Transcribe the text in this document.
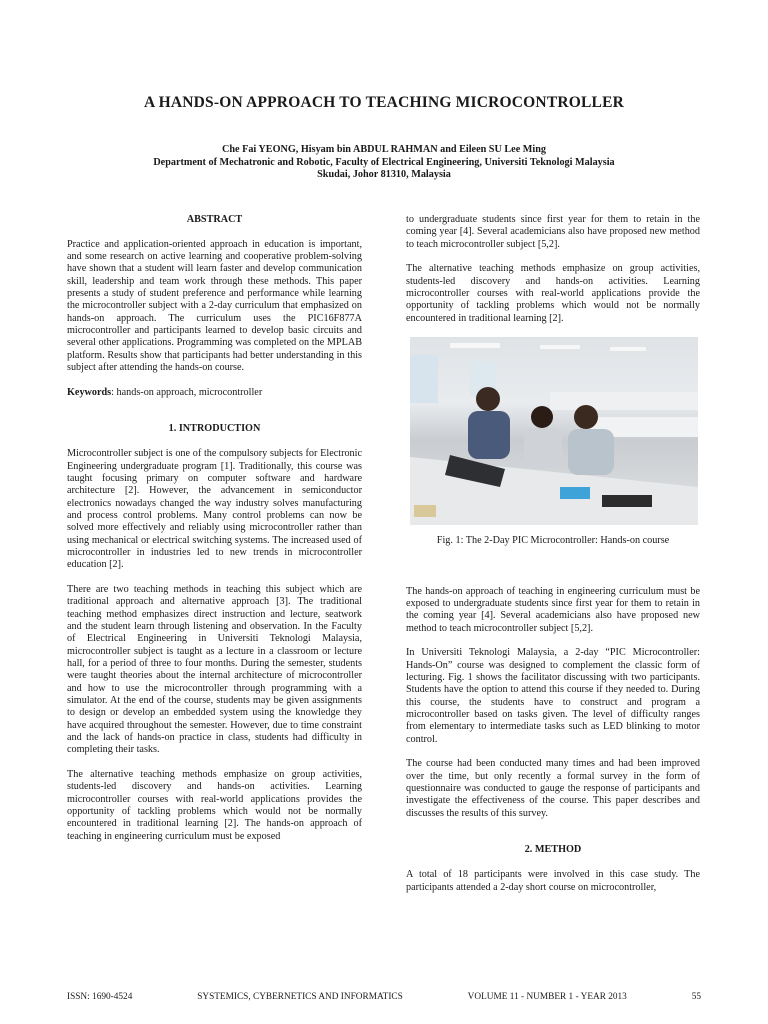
A HANDS-ON APPROACH TO TEACHING MICROCONTROLLER
Che Fai YEONG, Hisyam bin ABDUL RAHMAN and Eileen SU Lee Ming
Department of Mechatronic and Robotic, Faculty of Electrical Engineering, Universiti Teknologi Malaysia
Skudai, Johor 81310, Malaysia
ABSTRACT

Practice and application-oriented approach in education is important, and some research on active learning and cooperative problem-solving have shown that a student will learn faster and develop communication skill, leadership and team work through these methods. This paper presents a study of student preference and performance while learning the microcontroller subject with a 2-day curriculum that emphasized on hands-on approach. The curriculum uses the PIC16F877A microcontroller and participants learned to develop basic circuits and several other applications. Programming was completed on the MPLAB platform. Results show that participants had better understanding in this subject after attending the hands-on course.

Keywords: hands-on approach, microcontroller

1. INTRODUCTION

Microcontroller subject is one of the compulsory subjects for Electronic Engineering undergraduate program [1]. Traditionally, this course was taught focusing primary on computer software and hardware architecture [2]. However, the advancement in semiconductor electronics nowadays changed the way industry solves manufacturing and process control problems. Many control problems can now be solved more effectively and reliably using microcontroller rather than using mechanical or electrical switching systems. The increased used of microcontroller in industries led to new trends in microcontroller education [2].

There are two teaching methods in teaching this subject which are traditional approach and alternative approach [3]. The traditional teaching method emphasizes direct instruction and lecture, seatwork and the student learn through listening and observation. In the Faculty of Electrical Engineering in Universiti Teknologi Malaysia, microcontroller subject is taught as a lecture in a classroom or lecture hall, for a period of three to four months. During the semester, students were taught theories about the internal architecture of microcontroller and how to use the microcontroller through programming with a simulator. At the end of the course, students may be given assignments to design or develop an embedded system using the knowledge they have acquired throughout the semester. However, due to time constraint and the lack of hands-on practice in class, students had difficulty in completing their tasks.

The alternative teaching methods emphasize on group activities, students-led discovery and hands-on activities. Learning microcontroller courses with real-world applications provides the opportunity of tackling problems which would not be normally encountered in traditional learning [2]. The hands-on approach of teaching in engineering curriculum must be exposed

to undergraduate students since first year for them to retain in the coming year [4]. Several academicians also have proposed new method to teach microcontroller subject [5,2].

The alternative teaching methods emphasize on group activities, students-led discovery and hands-on activities. Learning microcontroller courses with real-world applications provide the opportunity of tackling problems which would not be normally encountered in traditional learning [2].

Fig. 1: The 2-Day PIC Microcontroller: Hands-on course

The hands-on approach of teaching in engineering curriculum must be exposed to undergraduate students since first year for them to retain in the coming year [4]. Several academicians also have proposed new method to teach microcontroller subject [5,2].

In Universiti Teknologi Malaysia, a 2-day “PIC Microcontroller: Hands-On” course was designed to complement the classic form of lecturing. Fig. 1 shows the facilitator discussing with two participants. Students have the option to attend this course if they needed to. During this course, the students have to construct and program a microcontroller based on tasks given. The level of difficulty ranges from elementary to intermediate tasks such as LED blinking to motor control.

The course had been conducted many times and had been improved over the time, but only recently a formal survey in the form of questionnaire was conducted to gauge the response of participants and investigate the effectiveness of the course. This paper describes and discusses the results of this survey.

2. METHOD

A total of 18 participants were involved in this case study. The participants attended a 2-day short course on microcontroller,

ISSN: 1690-4524	SYSTEMICS, CYBERNETICS AND INFORMATICS	VOLUME 11 - NUMBER 1 - YEAR 2013	55
